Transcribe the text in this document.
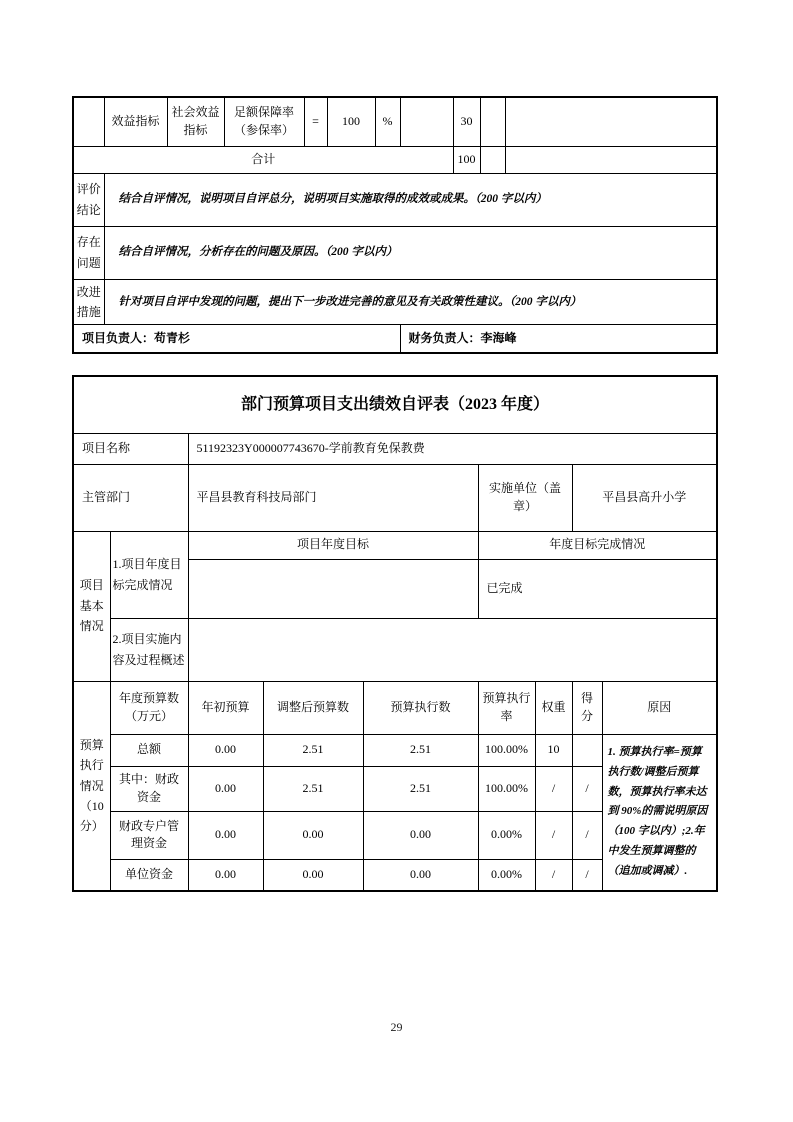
	效益指标	社会效益指标	足额保障率（参保率）	=	100	%		30		
合计								100		
评价结论	结合自评情况，说明项目自评总分，说明项目实施取得的成效或成果。（200 字以内）									
存在问题	结合自评情况，分析存在的问题及原因。（200 字以内）									
改进措施	针对项目自评中发现的问题，提出下一步改进完善的意见及有关政策性建议。（200 字以内）									
项目负责人：苟青杉							财务负责人：李海峰			
部门预算项目支出绩效自评表（2023 年度）								
项目名称		51192323Y000007743670-学前教育免保教费						
主管部门		平昌县教育科技局部门			实施单位（盖章）		平昌县高升小学	
项目基本情况	1.项目年度目标完成情况	项目年度目标			年度目标完成情况			
					已完成			
	2.项目实施内容及过程概述							
预算执行情况（10分）	年度预算数（万元）	年初预算	调整后预算数	预算执行数	预算执行率	权重	得分	原因
	总额	0.00	2.51	2.51	100.00%	10		1. 预算执行率=预算执行数/调整后预算数，预算执行率未达到 90%的需说明原因（100 字以内）;2.年中发生预算调整的（追加或调减）.
	其中：财政资金	0.00	2.51	2.51	100.00%	/	/	
	财政专户管理资金	0.00	0.00	0.00	0.00%	/	/	
	单位资金	0.00	0.00	0.00	0.00%	/	/	
29
